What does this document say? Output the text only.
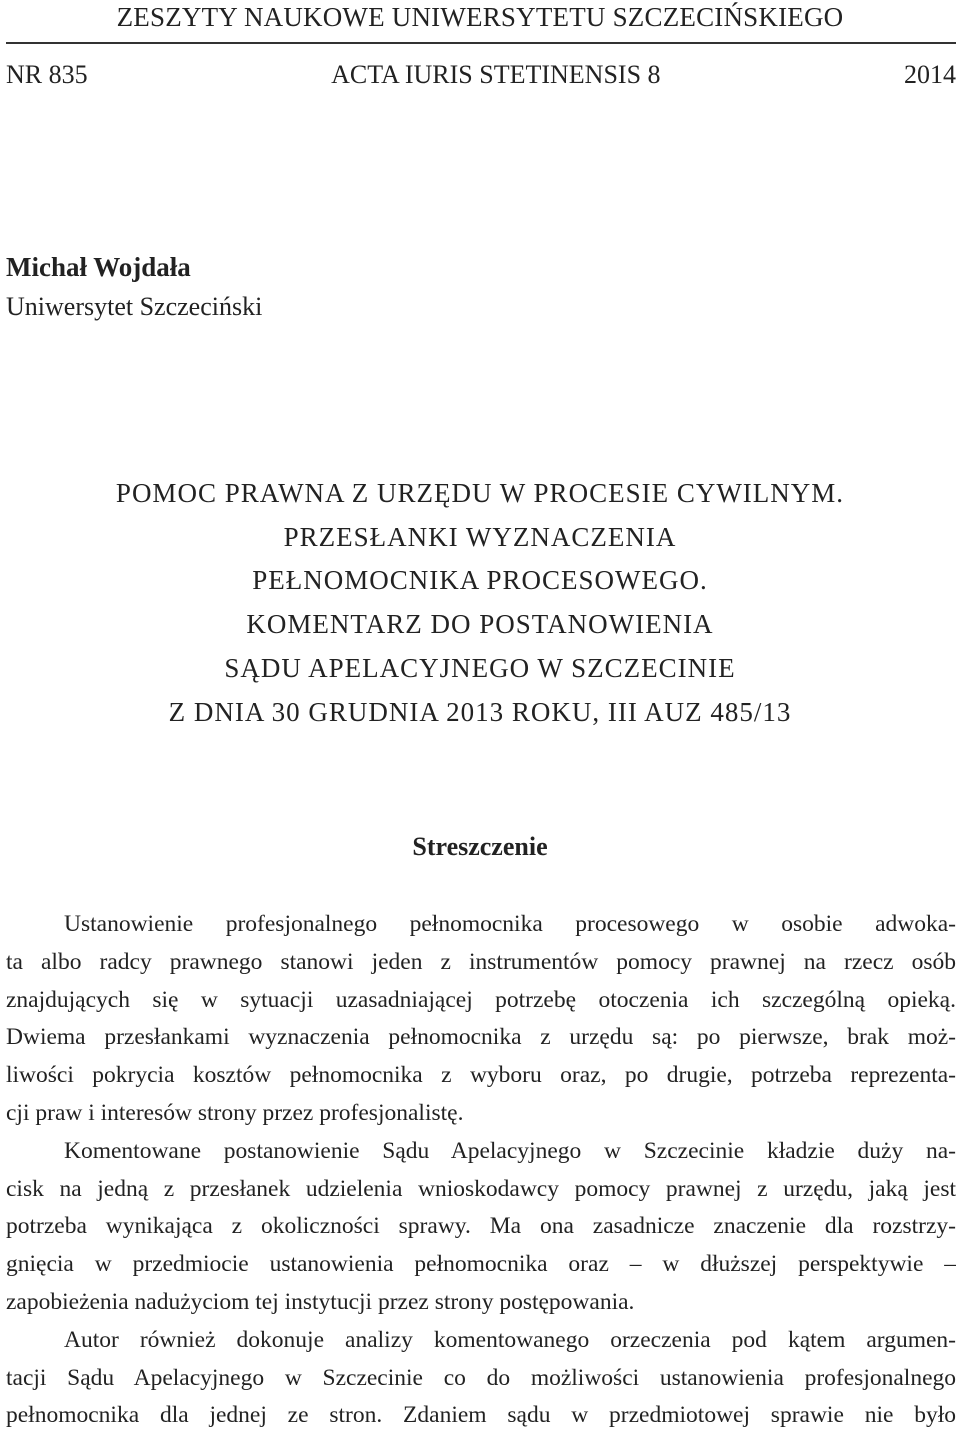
ZESZYTY NAUKOWE UNIWERSYTETU SZCZECIŃSKIEGO
NR 835	ACTA IURIS STETINENSIS 8	2014
Michał Wojdała
Uniwersytet Szczeciński
POMOC PRAWNA Z URZĘDU W PROCESIE CYWILNYM.
PRZESŁANKI WYZNACZENIA
PEŁNOMOCNIKA PROCESOWEGO.
KOMENTARZ DO POSTANOWIENIA
SĄDU APELACYJNEGO W SZCZECINIE
Z DNIA 30 GRUDNIA 2013 ROKU, III AUZ 485/13
Streszczenie
Ustanowienie profesjonalnego pełnomocnika procesowego w osobie adwoka-
ta albo radcy prawnego stanowi jeden z instrumentów pomocy prawnej na rzecz osób
znajdujących się w sytuacji uzasadniającej potrzebę otoczenia ich szczególną opieką.
Dwiema przesłankami wyznaczenia pełnomocnika z urzędu są: po pierwsze, brak moż-
liwości pokrycia kosztów pełnomocnika z wyboru oraz, po drugie, potrzeba reprezenta-
cji praw i interesów strony przez profesjonalistę.
Komentowane postanowienie Sądu Apelacyjnego w Szczecinie kładzie duży na-
cisk na jedną z przesłanek udzielenia wnioskodawcy pomocy prawnej z urzędu, jaką jest
potrzeba wynikająca z okoliczności sprawy. Ma ona zasadnicze znaczenie dla rozstrzy-
gnięcia w przedmiocie ustanowienia pełnomocnika oraz – w dłuższej perspektywie –
zapobieżenia nadużyciom tej instytucji przez strony postępowania.
Autor również dokonuje analizy komentowanego orzeczenia pod kątem argumen-
tacji Sądu Apelacyjnego w Szczecinie co do możliwości ustanowienia profesjonalnego
pełnomocnika dla jednej ze stron. Zdaniem sądu w przedmiotowej sprawie nie było
